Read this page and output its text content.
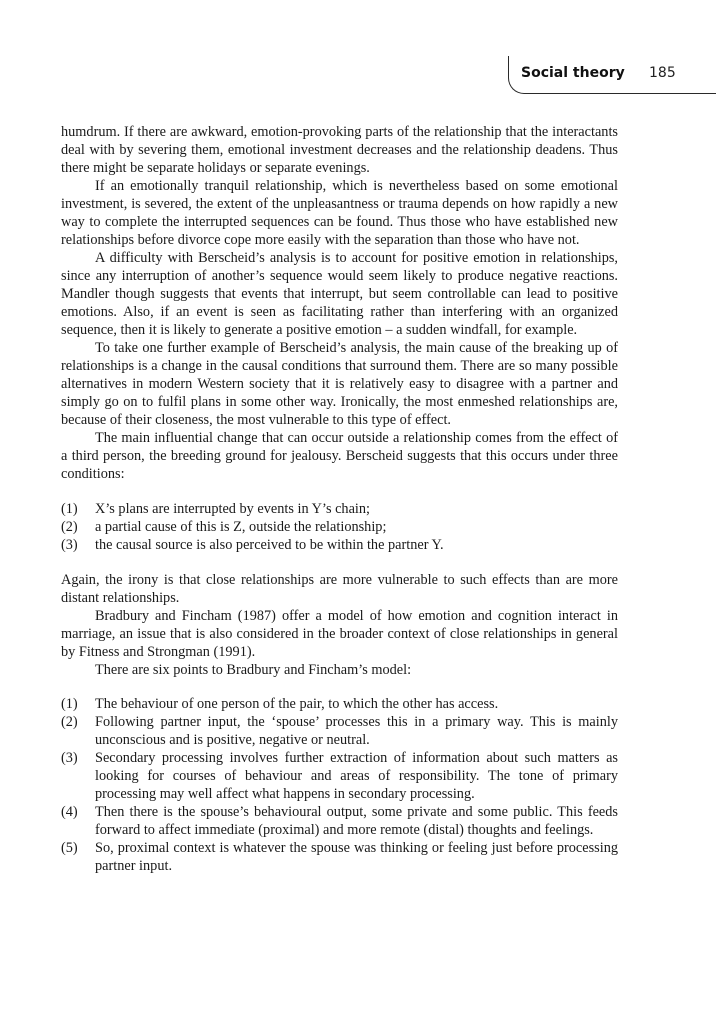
Social theory 185

humdrum. If there are awkward, emotion-provoking parts of the relationship that the interactants deal with by severing them, emotional investment decreases and the relationship deadens. Thus there might be separate holidays or separate evenings.

If an emotionally tranquil relationship, which is nevertheless based on some emotional investment, is severed, the extent of the unpleasantness or trauma depends on how rapidly a new way to complete the interrupted sequences can be found. Thus those who have established new relationships before divorce cope more easily with the separation than those who have not.

A difficulty with Berscheid’s analysis is to account for positive emotion in relationships, since any interruption of another’s sequence would seem likely to produce negative reactions. Mandler though suggests that events that interrupt, but seem controllable can lead to positive emotions. Also, if an event is seen as facilitating rather than interfering with an organized sequence, then it is likely to generate a positive emotion – a sudden windfall, for example.

To take one further example of Berscheid’s analysis, the main cause of the breaking up of relationships is a change in the causal conditions that surround them. There are so many possible alternatives in modern Western society that it is relatively easy to disagree with a partner and simply go on to fulfil plans in some other way. Ironically, the most enmeshed relationships are, because of their closeness, the most vulnerable to this type of effect.

The main influential change that can occur outside a relationship comes from the effect of a third person, the breeding ground for jealousy. Berscheid suggests that this occurs under three conditions:

(1) X’s plans are interrupted by events in Y’s chain;
(2) a partial cause of this is Z, outside the relationship;
(3) the causal source is also perceived to be within the partner Y.

Again, the irony is that close relationships are more vulnerable to such effects than are more distant relationships.

Bradbury and Fincham (1987) offer a model of how emotion and cognition interact in marriage, an issue that is also considered in the broader context of close relationships in general by Fitness and Strongman (1991).

There are six points to Bradbury and Fincham’s model:

(1) The behaviour of one person of the pair, to which the other has access.
(2) Following partner input, the ‘spouse’ processes this in a primary way. This is mainly unconscious and is positive, negative or neutral.
(3) Secondary processing involves further extraction of information about such matters as looking for courses of behaviour and areas of responsibility. The tone of primary processing may well affect what happens in secondary processing.
(4) Then there is the spouse’s behavioural output, some private and some public. This feeds forward to affect immediate (proximal) and more remote (distal) thoughts and feelings.
(5) So, proximal context is whatever the spouse was thinking or feeling just before processing partner input.
